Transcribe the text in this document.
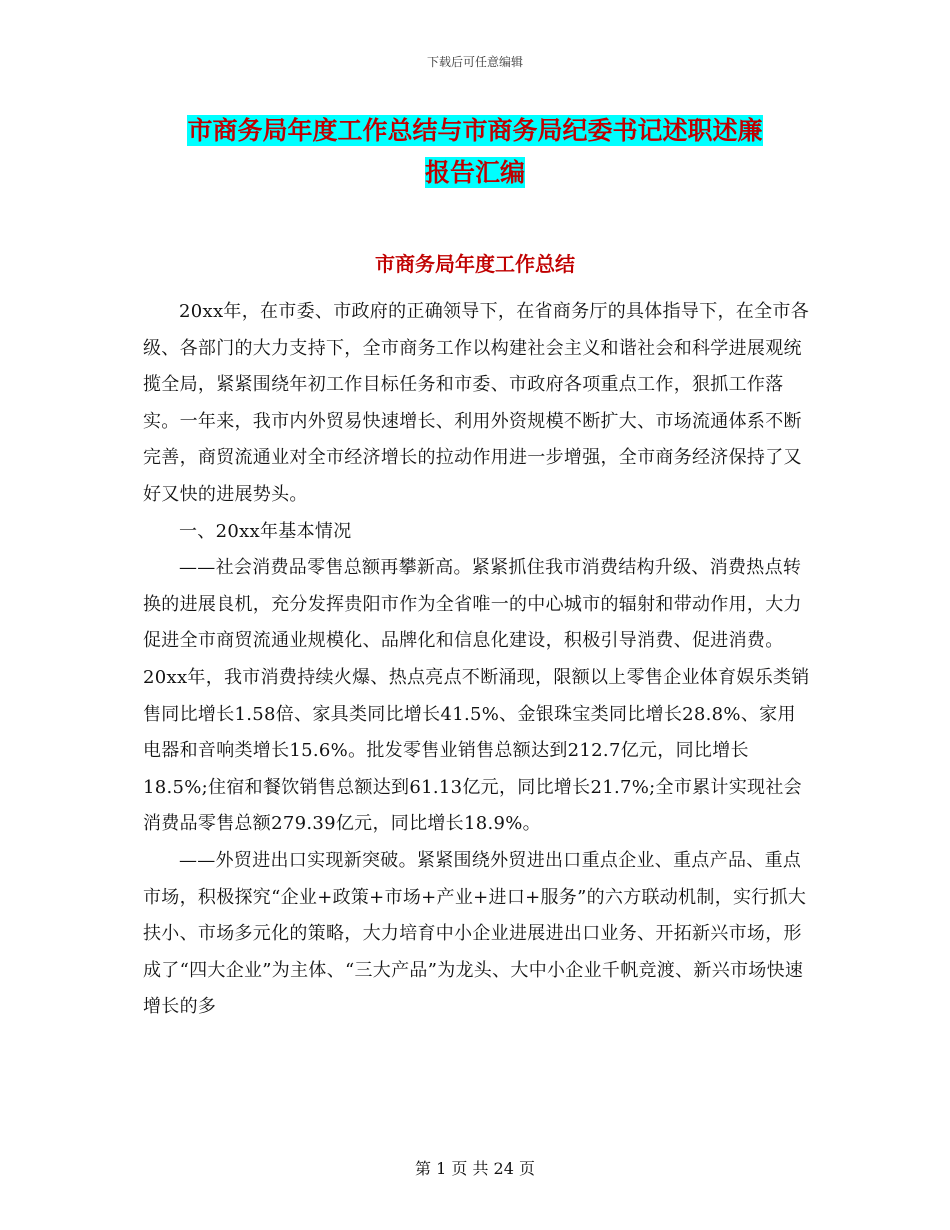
下载后可任意编辑
市商务局年度工作总结与市商务局纪委书记述职述廉
报告汇编
市商务局年度工作总结

20xx年，在市委、市政府的正确领导下，在省商务厅的具体指导下，在全市各级、各部门的大力支持下，全市商务工作以构建社会主义和谐社会和科学进展观统揽全局，紧紧围绕年初工作目标任务和市委、市政府各项重点工作，狠抓工作落实。一年来，我市内外贸易快速增长、利用外资规模不断扩大、市场流通体系不断完善，商贸流通业对全市经济增长的拉动作用进一步增强，全市商务经济保持了又好又快的进展势头。

一、20xx年基本情况

——社会消费品零售总额再攀新高。紧紧抓住我市消费结构升级、消费热点转换的进展良机，充分发挥贵阳市作为全省唯一的中心城市的辐射和带动作用，大力促进全市商贸流通业规模化、品牌化和信息化建设，积极引导消费、促进消费。20xx年，我市消费持续火爆、热点亮点不断涌现，限额以上零售企业体育娱乐类销售同比增长1.58倍、家具类同比增长41.5%、金银珠宝类同比增长28.8%、家用电器和音响类增长15.6%。批发零售业销售总额达到212.7亿元，同比增长18.5%;住宿和餐饮销售总额达到61.13亿元，同比增长21.7%;全市累计实现社会消费品零售总额279.39亿元，同比增长18.9%。

——外贸进出口实现新突破。紧紧围绕外贸进出口重点企业、重点产品、重点市场，积极探究“企业+政策+市场+产业+进口+服务”的六方联动机制，实行抓大扶小、市场多元化的策略，大力培育中小企业进展进出口业务、开拓新兴市场，形成了“四大企业”为主体、“三大产品”为龙头、大中小企业千帆竞渡、新兴市场快速增长的多

第 1 页 共 24 页
